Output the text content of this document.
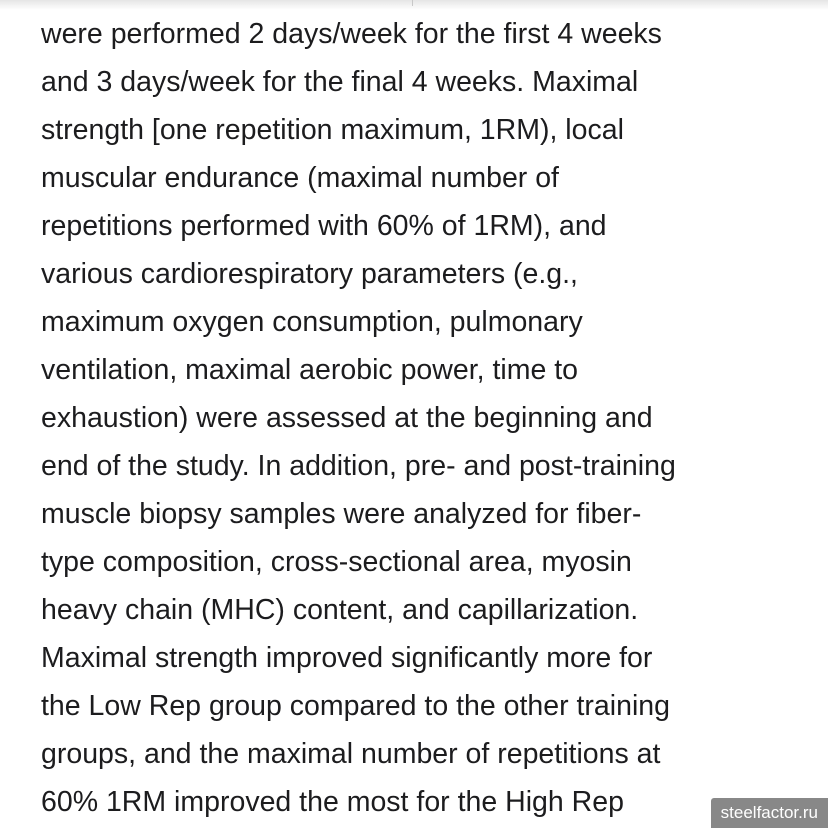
were performed 2 days/week for the first 4 weeks
and 3 days/week for the final 4 weeks. Maximal
strength [one repetition maximum, 1RM), local
muscular endurance (maximal number of
repetitions performed with 60% of 1RM), and
various cardiorespiratory parameters (e.g.,
maximum oxygen consumption, pulmonary
ventilation, maximal aerobic power, time to
exhaustion) were assessed at the beginning and
end of the study. In addition, pre- and post-training
muscle biopsy samples were analyzed for fiber-
type composition, cross-sectional area, myosin
heavy chain (MHC) content, and capillarization.
Maximal strength improved significantly more for
the Low Rep group compared to the other training
groups, and the maximal number of repetitions at
60% 1RM improved the most for the High Rep	steelfactor.ru
